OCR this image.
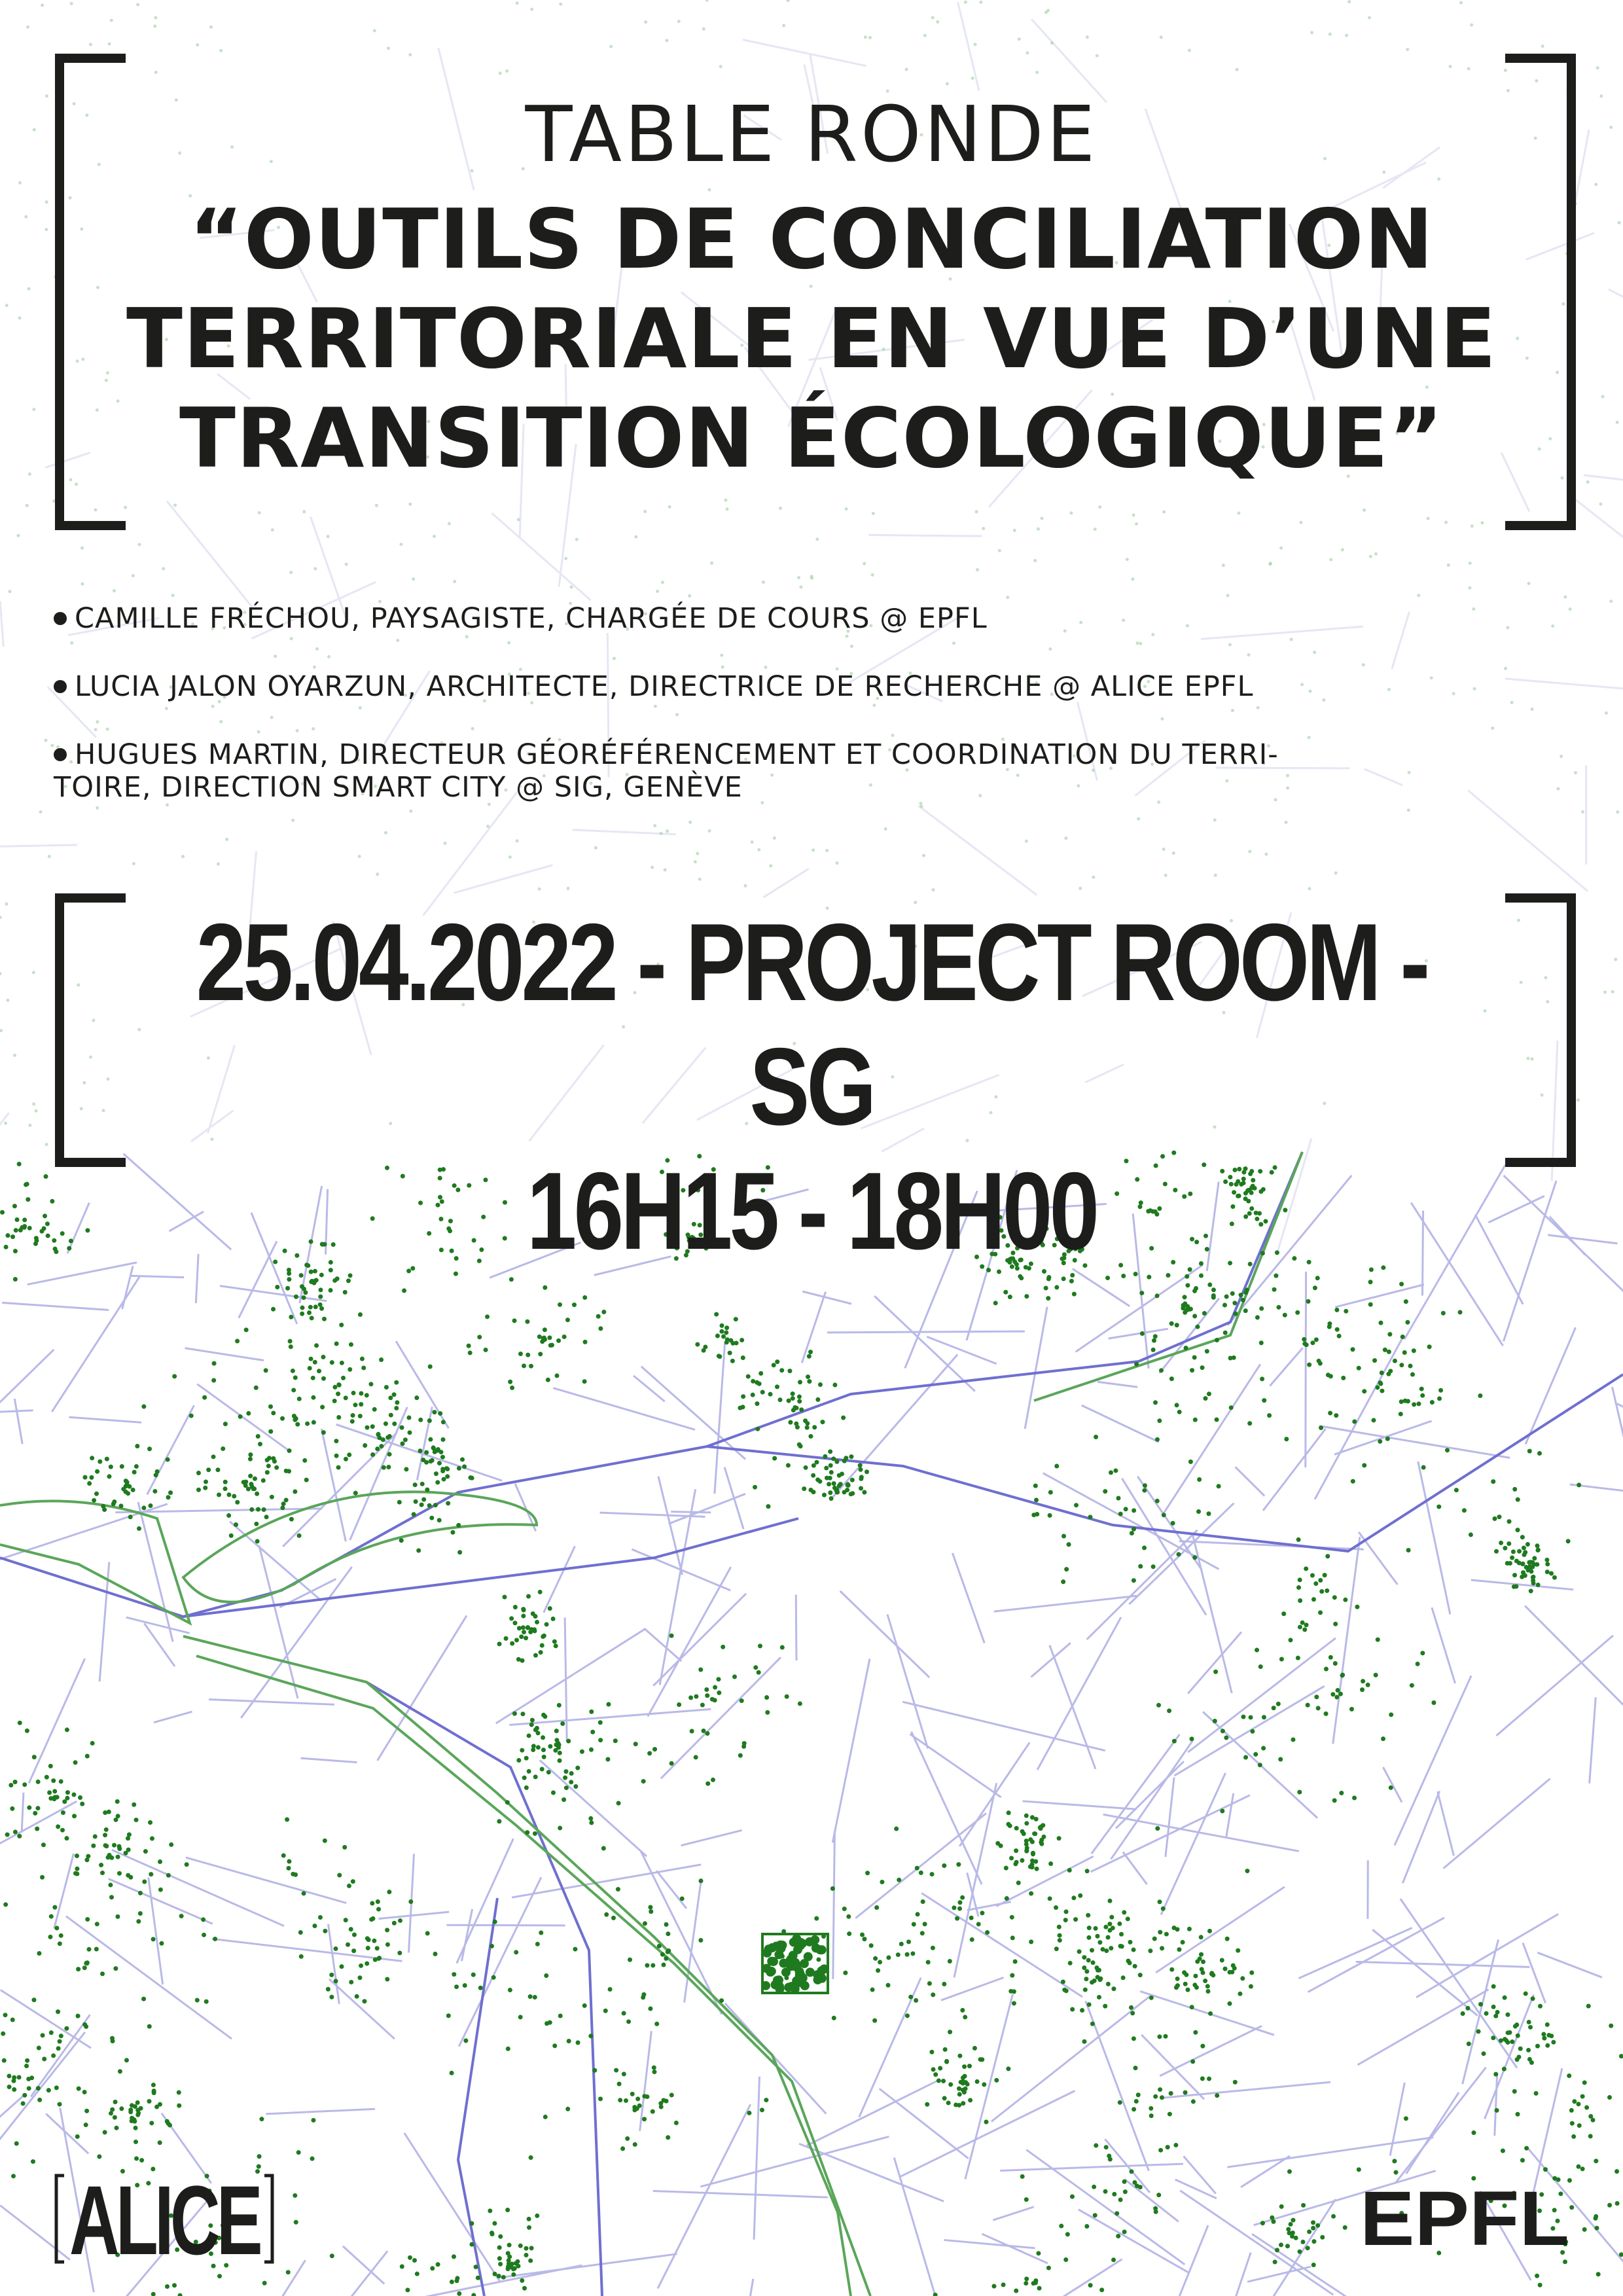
TABLE RONDE
“OUTILS DE CONCILIATION
TERRITORIALE EN VUE D’UNE
TRANSITION ÉCOLOGIQUE”
CAMILLE FRÉCHOU, PAYSAGISTE, CHARGÉE DE COURS @ EPFL
LUCIA JALON OYARZUN, ARCHITECTE, DIRECTRICE DE RECHERCHE @ ALICE EPFL
HUGUES MARTIN, DIRECTEUR GÉORÉFÉRENCEMENT ET COORDINATION DU TERRI-
TOIRE, DIRECTION SMART CITY @ SIG, GENÈVE
25.04.2022 - PROJECT ROOM - SG
16H15 - 18H00
ALICE	EPFL
